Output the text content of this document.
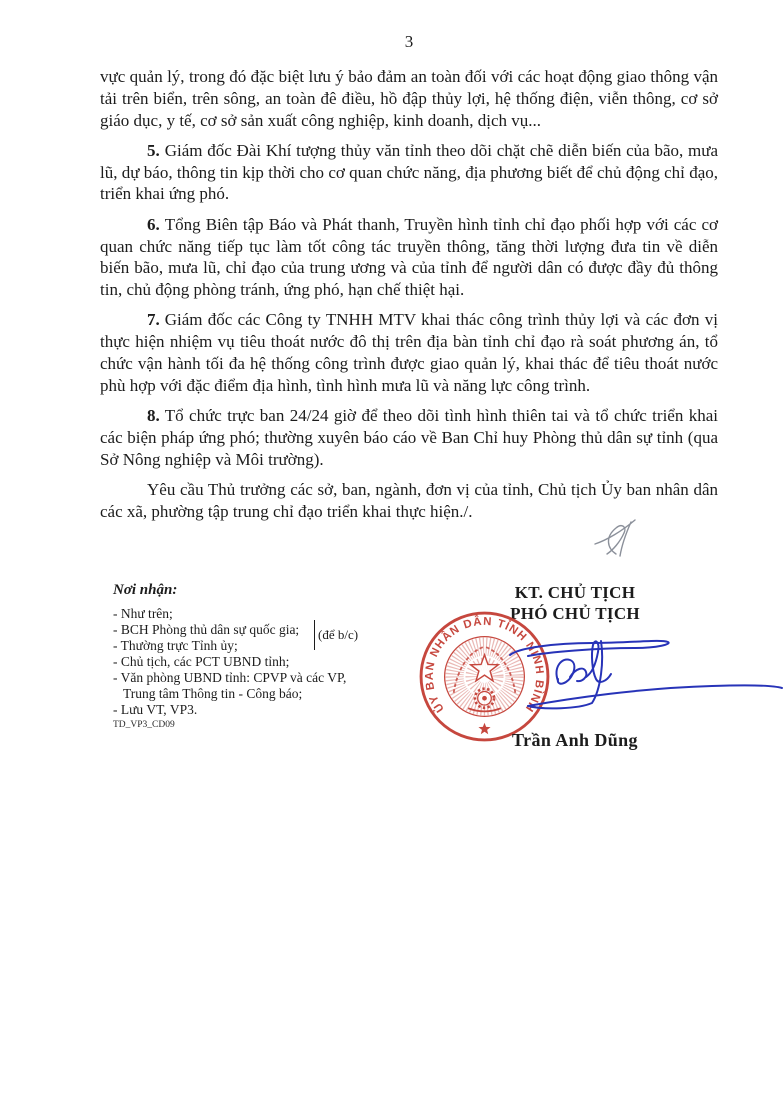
3

vực quản lý, trong đó đặc biệt lưu ý bảo đảm an toàn đối với các hoạt động giao thông vận tải trên biển, trên sông, an toàn đê điều, hồ đập thủy lợi, hệ thống điện, viễn thông, cơ sở giáo dục, y tế, cơ sở sản xuất công nghiệp, kinh doanh, dịch vụ...

5. Giám đốc Đài Khí tượng thủy văn tỉnh theo dõi chặt chẽ diễn biến của bão, mưa lũ, dự báo, thông tin kịp thời cho cơ quan chức năng, địa phương biết để chủ động chỉ đạo, triển khai ứng phó.

6. Tổng Biên tập Báo và Phát thanh, Truyền hình tỉnh chỉ đạo phối hợp với các cơ quan chức năng tiếp tục làm tốt công tác truyền thông, tăng thời lượng đưa tin về diễn biến bão, mưa lũ, chỉ đạo của trung ương và của tỉnh để người dân có được đầy đủ thông tin, chủ động phòng tránh, ứng phó, hạn chế thiệt hại.

7. Giám đốc các Công ty TNHH MTV khai thác công trình thủy lợi và các đơn vị thực hiện nhiệm vụ tiêu thoát nước đô thị trên địa bàn tỉnh chỉ đạo rà soát phương án, tổ chức vận hành tối đa hệ thống công trình được giao quản lý, khai thác để tiêu thoát nước phù hợp với đặc điểm địa hình, tình hình mưa lũ và năng lực công trình.

8. Tổ chức trực ban 24/24 giờ để theo dõi tình hình thiên tai và tổ chức triển khai các biện pháp ứng phó; thường xuyên báo cáo về Ban Chỉ huy Phòng thủ dân sự tỉnh (qua Sở Nông nghiệp và Môi trường).

Yêu cầu Thủ trưởng các sở, ban, ngành, đơn vị của tỉnh, Chủ tịch Ủy ban nhân dân các xã, phường tập trung chỉ đạo triển khai thực hiện./.

Nơi nhận:
- Như trên;
- BCH Phòng thủ dân sự quốc gia;
- Thường trực Tỉnh ủy;
- Chủ tịch, các PCT UBND tỉnh;
- Văn phòng UBND tỉnh: CPVP và các VP,
Trung tâm Thông tin - Công báo;
- Lưu VT, VP3.
TD_VP3_CD09
(để b/c)
KT. CHỦ TỊCH
PHÓ CHỦ TỊCH
Trần Anh Dũng
ỦY BAN NHÂN DÂN TỈNH NINH BÌNH
